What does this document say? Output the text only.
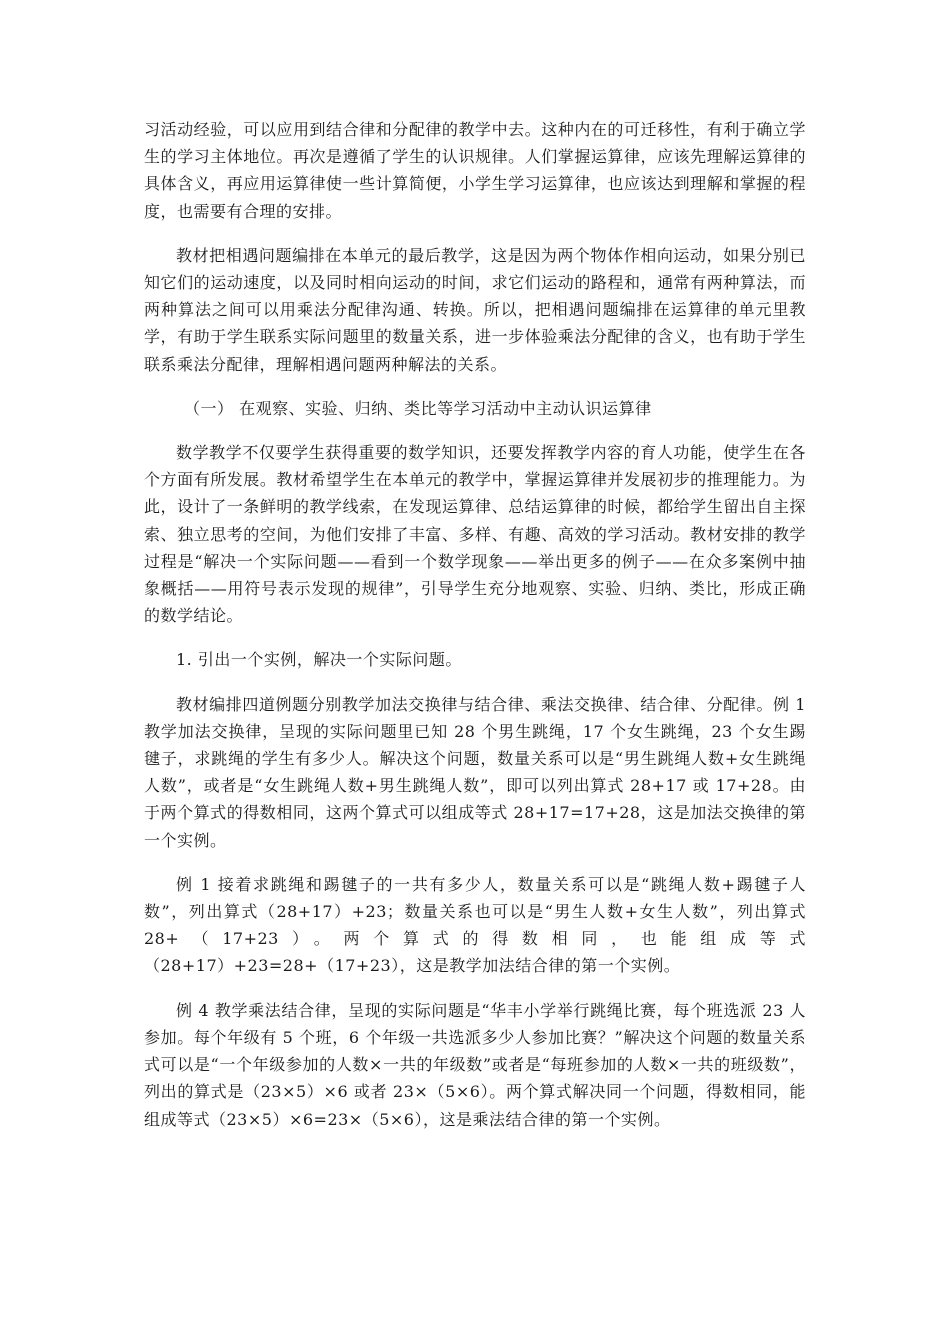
习活动经验，可以应用到结合律和分配律的教学中去。这种内在的可迁移性，有利于确立学生的学习主体地位。再次是遵循了学生的认识规律。人们掌握运算律，应该先理解运算律的具体含义，再应用运算律使一些计算简便，小学生学习运算律，也应该达到理解和掌握的程度，也需要有合理的安排。

教材把相遇问题编排在本单元的最后教学，这是因为两个物体作相向运动，如果分别已知它们的运动速度，以及同时相向运动的时间，求它们运动的路程和，通常有两种算法，而两种算法之间可以用乘法分配律沟通、转换。所以，把相遇问题编排在运算律的单元里教学，有助于学生联系实际问题里的数量关系，进一步体验乘法分配律的含义，也有助于学生联系乘法分配律，理解相遇问题两种解法的关系。

（一） 在观察、实验、归纳、类比等学习活动中主动认识运算律

数学教学不仅要学生获得重要的数学知识，还要发挥教学内容的育人功能，使学生在各个方面有所发展。教材希望学生在本单元的教学中，掌握运算律并发展初步的推理能力。为此，设计了一条鲜明的教学线索，在发现运算律、总结运算律的时候，都给学生留出自主探索、独立思考的空间，为他们安排了丰富、多样、有趣、高效的学习活动。教材安排的教学过程是“解决一个实际问题——看到一个数学现象——举出更多的例子——在众多案例中抽象概括——用符号表示发现的规律”，引导学生充分地观察、实验、归纳、类比，形成正确的数学结论。

1. 引出一个实例，解决一个实际问题。

教材编排四道例题分别教学加法交换律与结合律、乘法交换律、结合律、分配律。例 1 教学加法交换律，呈现的实际问题里已知 28 个男生跳绳，17 个女生跳绳，23 个女生踢毽子，求跳绳的学生有多少人。解决这个问题，数量关系可以是“男生跳绳人数+女生跳绳人数”，或者是“女生跳绳人数+男生跳绳人数”，即可以列出算式 28+17 或 17+28。由于两个算式的得数相同，这两个算式可以组成等式 28+17=17+28，这是加法交换律的第一个实例。

例 1 接着求跳绳和踢毽子的一共有多少人，数量关系可以是“跳绳人数+踢毽子人数”，列出算式（28+17）+23；数量关系也可以是“男生人数+女生人数”，列出算式 28+（17+23）。两个算式的得数相同，也能组成等式（28+17）+23=28+（17+23），这是教学加法结合律的第一个实例。

例 4 教学乘法结合律，呈现的实际问题是“华丰小学举行跳绳比赛，每个班选派 23 人参加。每个年级有 5 个班，6 个年级一共选派多少人参加比赛？”解决这个问题的数量关系式可以是“一个年级参加的人数×一共的年级数”或者是“每班参加的人数×一共的班级数”，列出的算式是（23×5）×6 或者 23×（5×6）。两个算式解决同一个问题，得数相同，能组成等式（23×5）×6=23×（5×6），这是乘法结合律的第一个实例。
